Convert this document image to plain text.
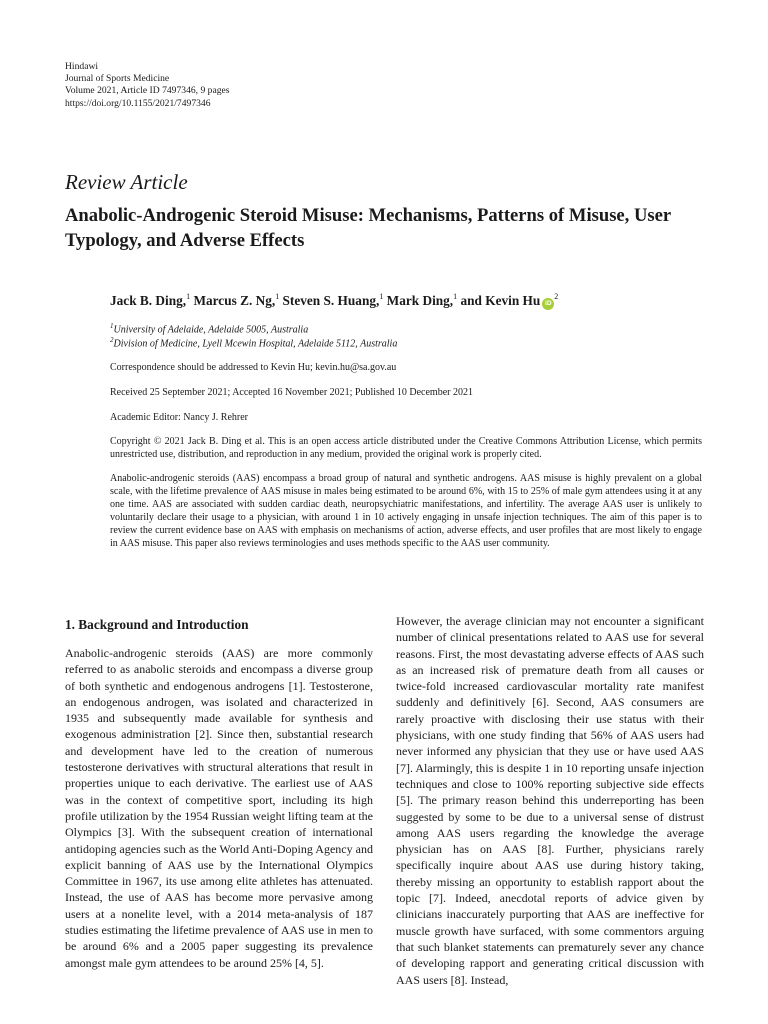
Hindawi
Journal of Sports Medicine
Volume 2021, Article ID 7497346, 9 pages
https://doi.org/10.1155/2021/7497346
Review Article
Anabolic-Androgenic Steroid Misuse: Mechanisms, Patterns of Misuse, User Typology, and Adverse Effects
Jack B. Ding,$^1$ Marcus Z. Ng,$^1$ Steven S. Huang,$^1$ Mark Ding,$^1$ and Kevin Hu $iD^2$
$^1$University of Adelaide, Adelaide 5005, Australia
$^2$Division of Medicine, Lyell Mcewin Hospital, Adelaide 5112, Australia
Correspondence should be addressed to Kevin Hu; kevin.hu@sa.gov.au
Received 25 September 2021; Accepted 16 November 2021; Published 10 December 2021
Academic Editor: Nancy J. Rehrer
Copyright © 2021 Jack B. Ding et al. This is an open access article distributed under the Creative Commons Attribution License, which permits unrestricted use, distribution, and reproduction in any medium, provided the original work is properly cited.
Anabolic-androgenic steroids (AAS) encompass a broad group of natural and synthetic androgens. AAS misuse is highly prevalent on a global scale, with the lifetime prevalence of AAS misuse in males being estimated to be around 6%, with 15 to 25% of male gym attendees using it at any one time. AAS are associated with sudden cardiac death, neuropsychiatric manifestations, and infertility. The average AAS user is unlikely to voluntarily declare their usage to a physician, with around 1 in 10 actively engaging in unsafe injection techniques. The aim of this paper is to review the current evidence base on AAS with emphasis on mechanisms of action, adverse effects, and user profiles that are most likely to engage in AAS misuse. This paper also reviews terminologies and uses methods specific to the AAS user community.
1. Background and Introduction

Anabolic-androgenic steroids (AAS) are more commonly referred to as anabolic steroids and encompass a diverse group of both synthetic and endogenous androgens [1]. Testosterone, an endogenous androgen, was isolated and characterized in 1935 and subsequently made available for synthesis and exogenous administration [2]. Since then, substantial research and development have led to the creation of numerous testosterone derivatives with structural alterations that result in properties unique to each derivative. The earliest use of AAS was in the context of competitive sport, including its high profile utilization by the 1954 Russian weight lifting team at the Olympics [3]. With the subsequent creation of international antidoping agencies such as the World Anti-Doping Agency and explicit banning of AAS use by the International Olympics Committee in 1967, its use among elite athletes has attenuated. Instead, the use of AAS has become more pervasive among users at a nonelite level, with a 2014 meta-analysis of 187 studies estimating the lifetime prevalence of AAS use in men to be around 6% and a 2005 paper suggesting its prevalence amongst male gym attendees to be around 25% [4, 5].

However, the average clinician may not encounter a significant number of clinical presentations related to AAS use for several reasons. First, the most devastating adverse effects of AAS such as an increased risk of premature death from all causes or twice-fold increased cardiovascular mortality rate manifest suddenly and definitively [6]. Second, AAS consumers are rarely proactive with disclosing their use status with their physicians, with one study finding that 56% of AAS users had never informed any physician that they use or have used AAS [7]. Alarmingly, this is despite 1 in 10 reporting unsafe injection techniques and close to 100% reporting subjective side effects [5]. The primary reason behind this underreporting has been suggested by some to be due to a universal sense of distrust among AAS users regarding the knowledge the average physician has on AAS [8]. Further, physicians rarely specifically inquire about AAS use during history taking, thereby missing an opportunity to establish rapport about the topic [7]. Indeed, anecdotal reports of advice given by clinicians inaccurately purporting that AAS are ineffective for muscle growth have surfaced, with some commentors arguing that such blanket statements can prematurely sever any chance of developing rapport and generating critical discussion with AAS users [8]. Instead,
